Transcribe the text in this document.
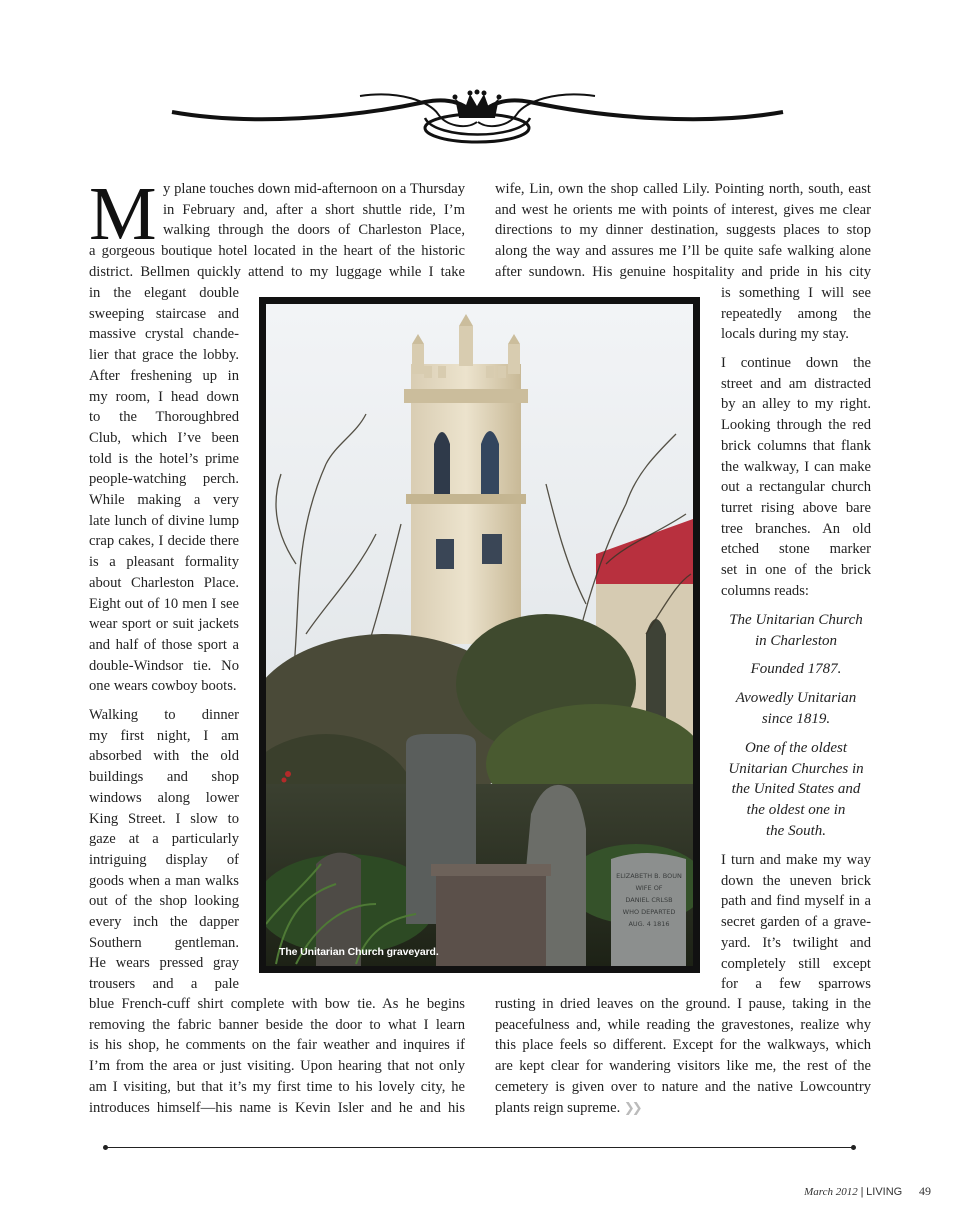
M y plane touches down mid-afternoon on a Thursday
in February and, after a short shuttle ride, I’m
walking through the doors of Charleston Place,
a gorgeous boutique hotel located in the heart of the historic
district. Bellmen quickly attend to my luggage while I take
in the elegant double
sweeping staircase and
massive crystal chande-
lier that grace the lobby.
After freshening up in
my room, I head down
to the Thoroughbred
Club, which I’ve been
told is the hotel’s prime
people-watching perch.
While making a very
late lunch of divine lump
crap cakes, I decide there
is a pleasant formality
about Charleston Place.
Eight out of 10 men I see
wear sport or suit jackets
and half of those sport a
double-Windsor tie. No
one wears cowboy boots.
Walking to dinner
my first night, I am
absorbed with the old
buildings and shop
windows along lower
King Street. I slow to
gaze at a particularly
intriguing display of
goods when a man walks
out of the shop looking
every inch the dapper
Southern gentleman.
He wears pressed gray
trousers and a pale
blue French-cuff shirt complete with bow tie. As he begins
removing the fabric banner beside the door to what I learn
is his shop, he comments on the fair weather and inquires if
I’m from the area or just visiting. Upon hearing that not only
am I visiting, but that it’s my first time to his lovely city, he
introduces himself—his name is Kevin Isler and he and his
wife, Lin, own the shop called Lily. Pointing north, south, east
and west he orients me with points of interest, gives me clear
directions to my dinner destination, suggests places to stop
along the way and assures me I’ll be quite safe walking alone
after sundown. His genuine hospitality and pride in his city
is something I will see
repeatedly among the
locals during my stay.
I continue down the
street and am distracted
by an alley to my right.
Looking through the red
brick columns that flank
the walkway, I can make
out a rectangular church
turret rising above bare
tree branches. An old
etched stone marker
set in one of the brick
columns reads:
The Unitarian Church
in Charleston
Founded 1787.
Avowedly Unitarian
since 1819.
One of the oldest
Unitarian Churches in
the United States and
the oldest one in
the South.
I turn and make my way
down the uneven brick
path and find myself in a
secret garden of a grave-
yard. It’s twilight and
completely still except
for a few sparrows
rusting in dried leaves on the ground. I pause, taking in the
peacefulness and, while reading the gravestones, realize why
this place feels so different. Except for the walkways, which
are kept clear for wandering visitors like me, the rest of the
cemetery is given over to nature and the native Lowcountry
plants reign supreme. ❯❯
ELIZABETH B. BOUN
WIFE OF
DANIEL CRLSB
WHO DEPARTED
AUG. 4 1816
The Unitarian Church graveyard.
March 2012 | LIVING 49
